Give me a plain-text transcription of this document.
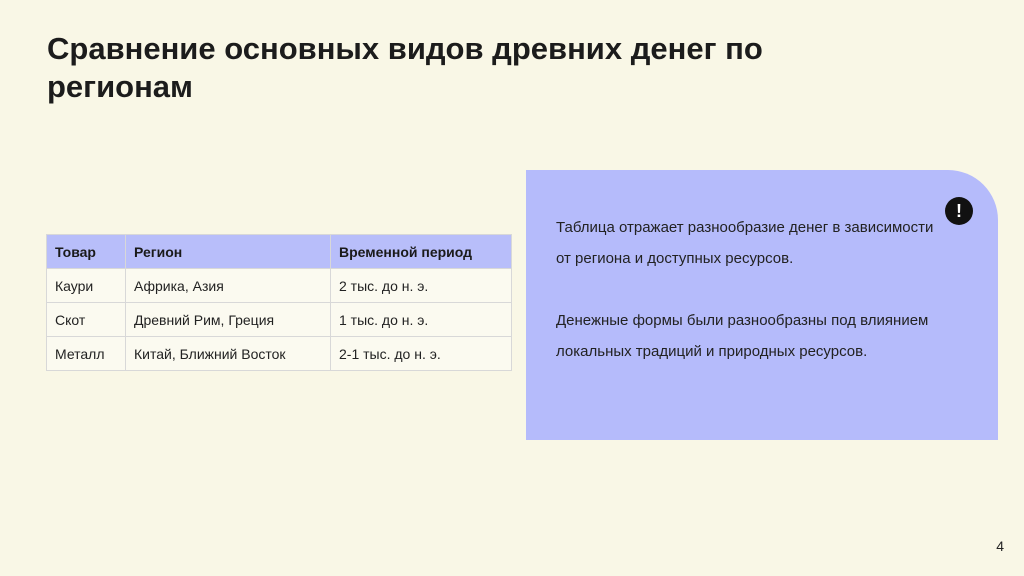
Сравнение основных видов древних денег по регионам
Товар	Регион	Временной период
Каури	Африка, Азия	2 тыс. до н. э.
Скот	Древний Рим, Греция	1 тыс. до н. э.
Металл	Китай, Ближний Восток	2-1 тыс. до н. э.
!

Таблица отражает разнообразие денег в зависимости от региона и доступных ресурсов.

Денежные формы были разнообразны под влиянием локальных традиций и природных ресурсов.

4
